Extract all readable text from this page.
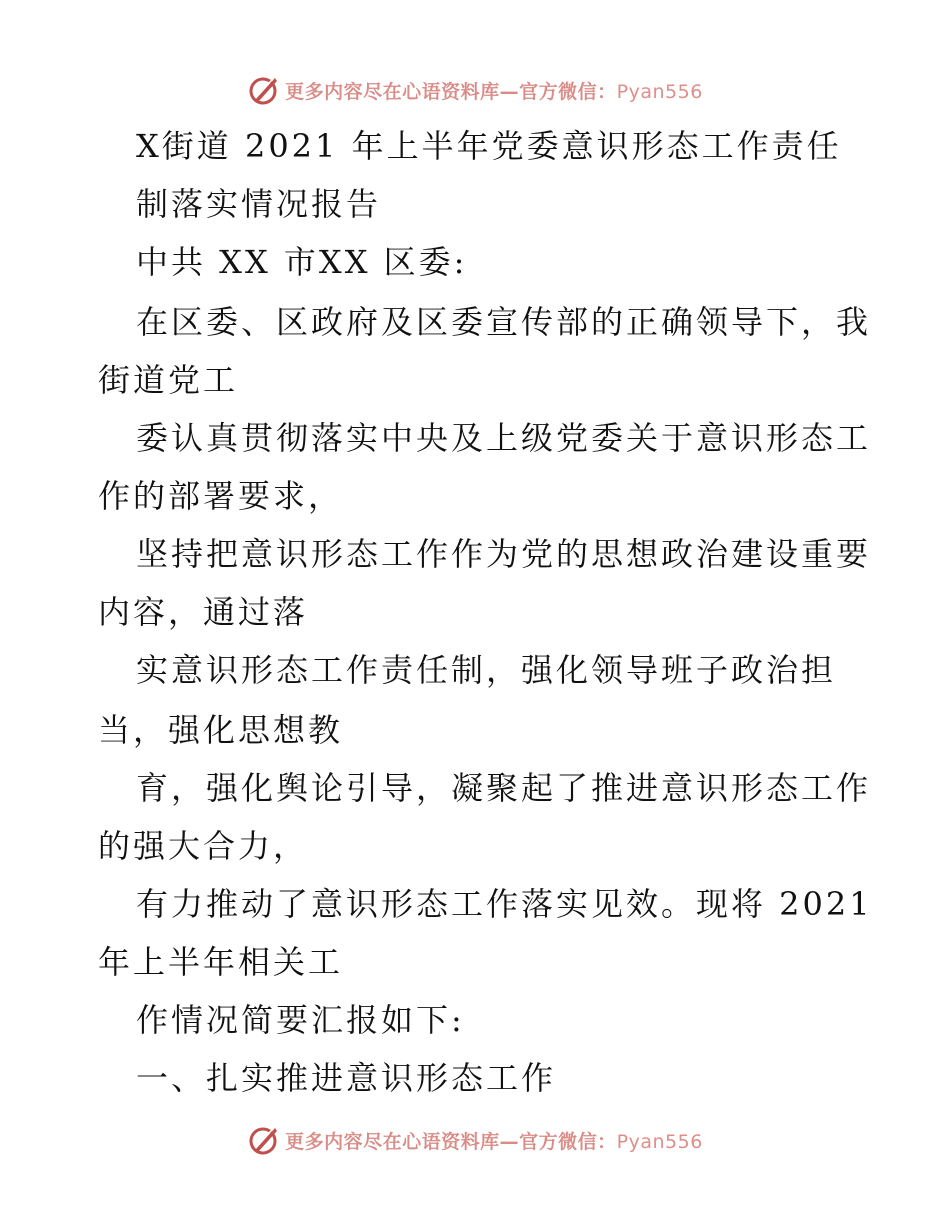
更多内容尽在心语资料库—官方微信：Pyan556
X街道 2021 年上半年党委意识形态工作责任
制落实情况报告
中共 XX 市XX 区委:
在区委、区政府及区委宣传部的正确领导下，我
街道党工
委认真贯彻落实中央及上级党委关于意识形态工
作的部署要求，
坚持把意识形态工作作为党的思想政治建设重要
内容，通过落
实意识形态工作责任制，强化领导班子政治担
当，强化思想教
育，强化舆论引导，凝聚起了推进意识形态工作
的强大合力，
有力推动了意识形态工作落实见效。现将 2021
年上半年相关工
作情况简要汇报如下:
一、扎实推进意识形态工作
更多内容尽在心语资料库—官方微信：Pyan556
